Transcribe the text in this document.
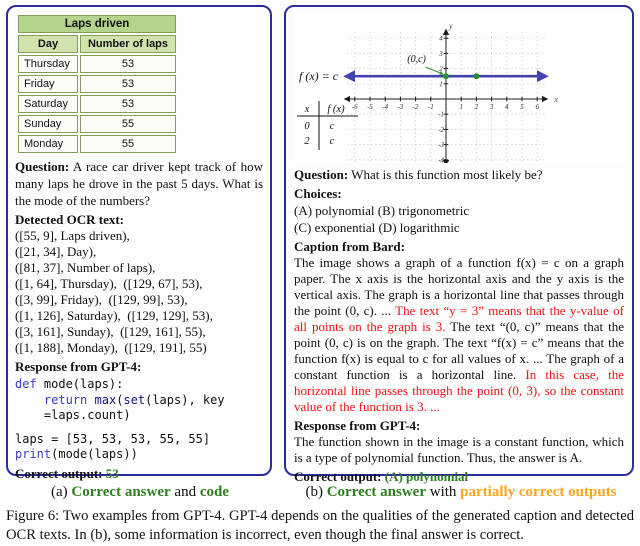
Laps driven	
Day	Number of laps
Thursday	53
Friday	53
Saturday	53
Sunday	55
Monday	55

Question: A race car driver kept track of how many laps he drove in the past 5 days. What is the mode of the numbers?

Detected OCR text:
([55, 9], Laps driven),
([21, 34], Day),
([81, 37], Number of laps),
([1, 64], Thursday),  ([129, 67], 53),
([3, 99], Friday),  ([129, 99], 53),
([1, 126], Saturday),  ([129, 129], 53),
([3, 161], Sunday),  ([129, 161], 55),
([1, 188], Monday),  ([129, 191], 55)
Response from GPT-4:
def mode(laps):
return max(set(laps), key
=laps.count)
laps = [53, 53, 53, 55, 55]
print(mode(laps))
Correct output: 53
-6 -5 -4 -3 -2 -1	1 2 3 4 5 6
-4
-3
-2
-1
1
2
3
4
y
x
(0,c)
f (x) = c
x f (x)
0 c
2 c

Question: What is this function most likely be?

Choices:
(A) polynomial (B) trigonometric
(C) exponential (D) logarithmic
Caption from Bard:

The image shows a graph of a function f(x) = c on a graph paper. The x axis is the horizontal axis and the y axis is the vertical axis. The graph is a horizontal line that passes through the point (0, c). ... The text “y = 3” means that the y-value of all points on the graph is 3. The text “(0, c)” means that the point (0, c) is on the graph. The text “f(x) = c” means that the function f(x) is equal to c for all values of x. ... The graph of a constant function is a horizontal line. In this case, the horizontal line passes through the point (0, 3), so the constant value of the function is 3. ...

Response from GPT-4:

The function shown in the image is a constant function, which is a type of polynomial function. Thus, the answer is A.

Correct output: (A) polynomial
(a) Correct answer and code	(b) Correct answer with partially correct outputs
Figure 6: Two examples from GPT-4. GPT-4 depends on the qualities of the generated caption and detected OCR texts. In (b), some information is incorrect, even though the final answer is correct.
